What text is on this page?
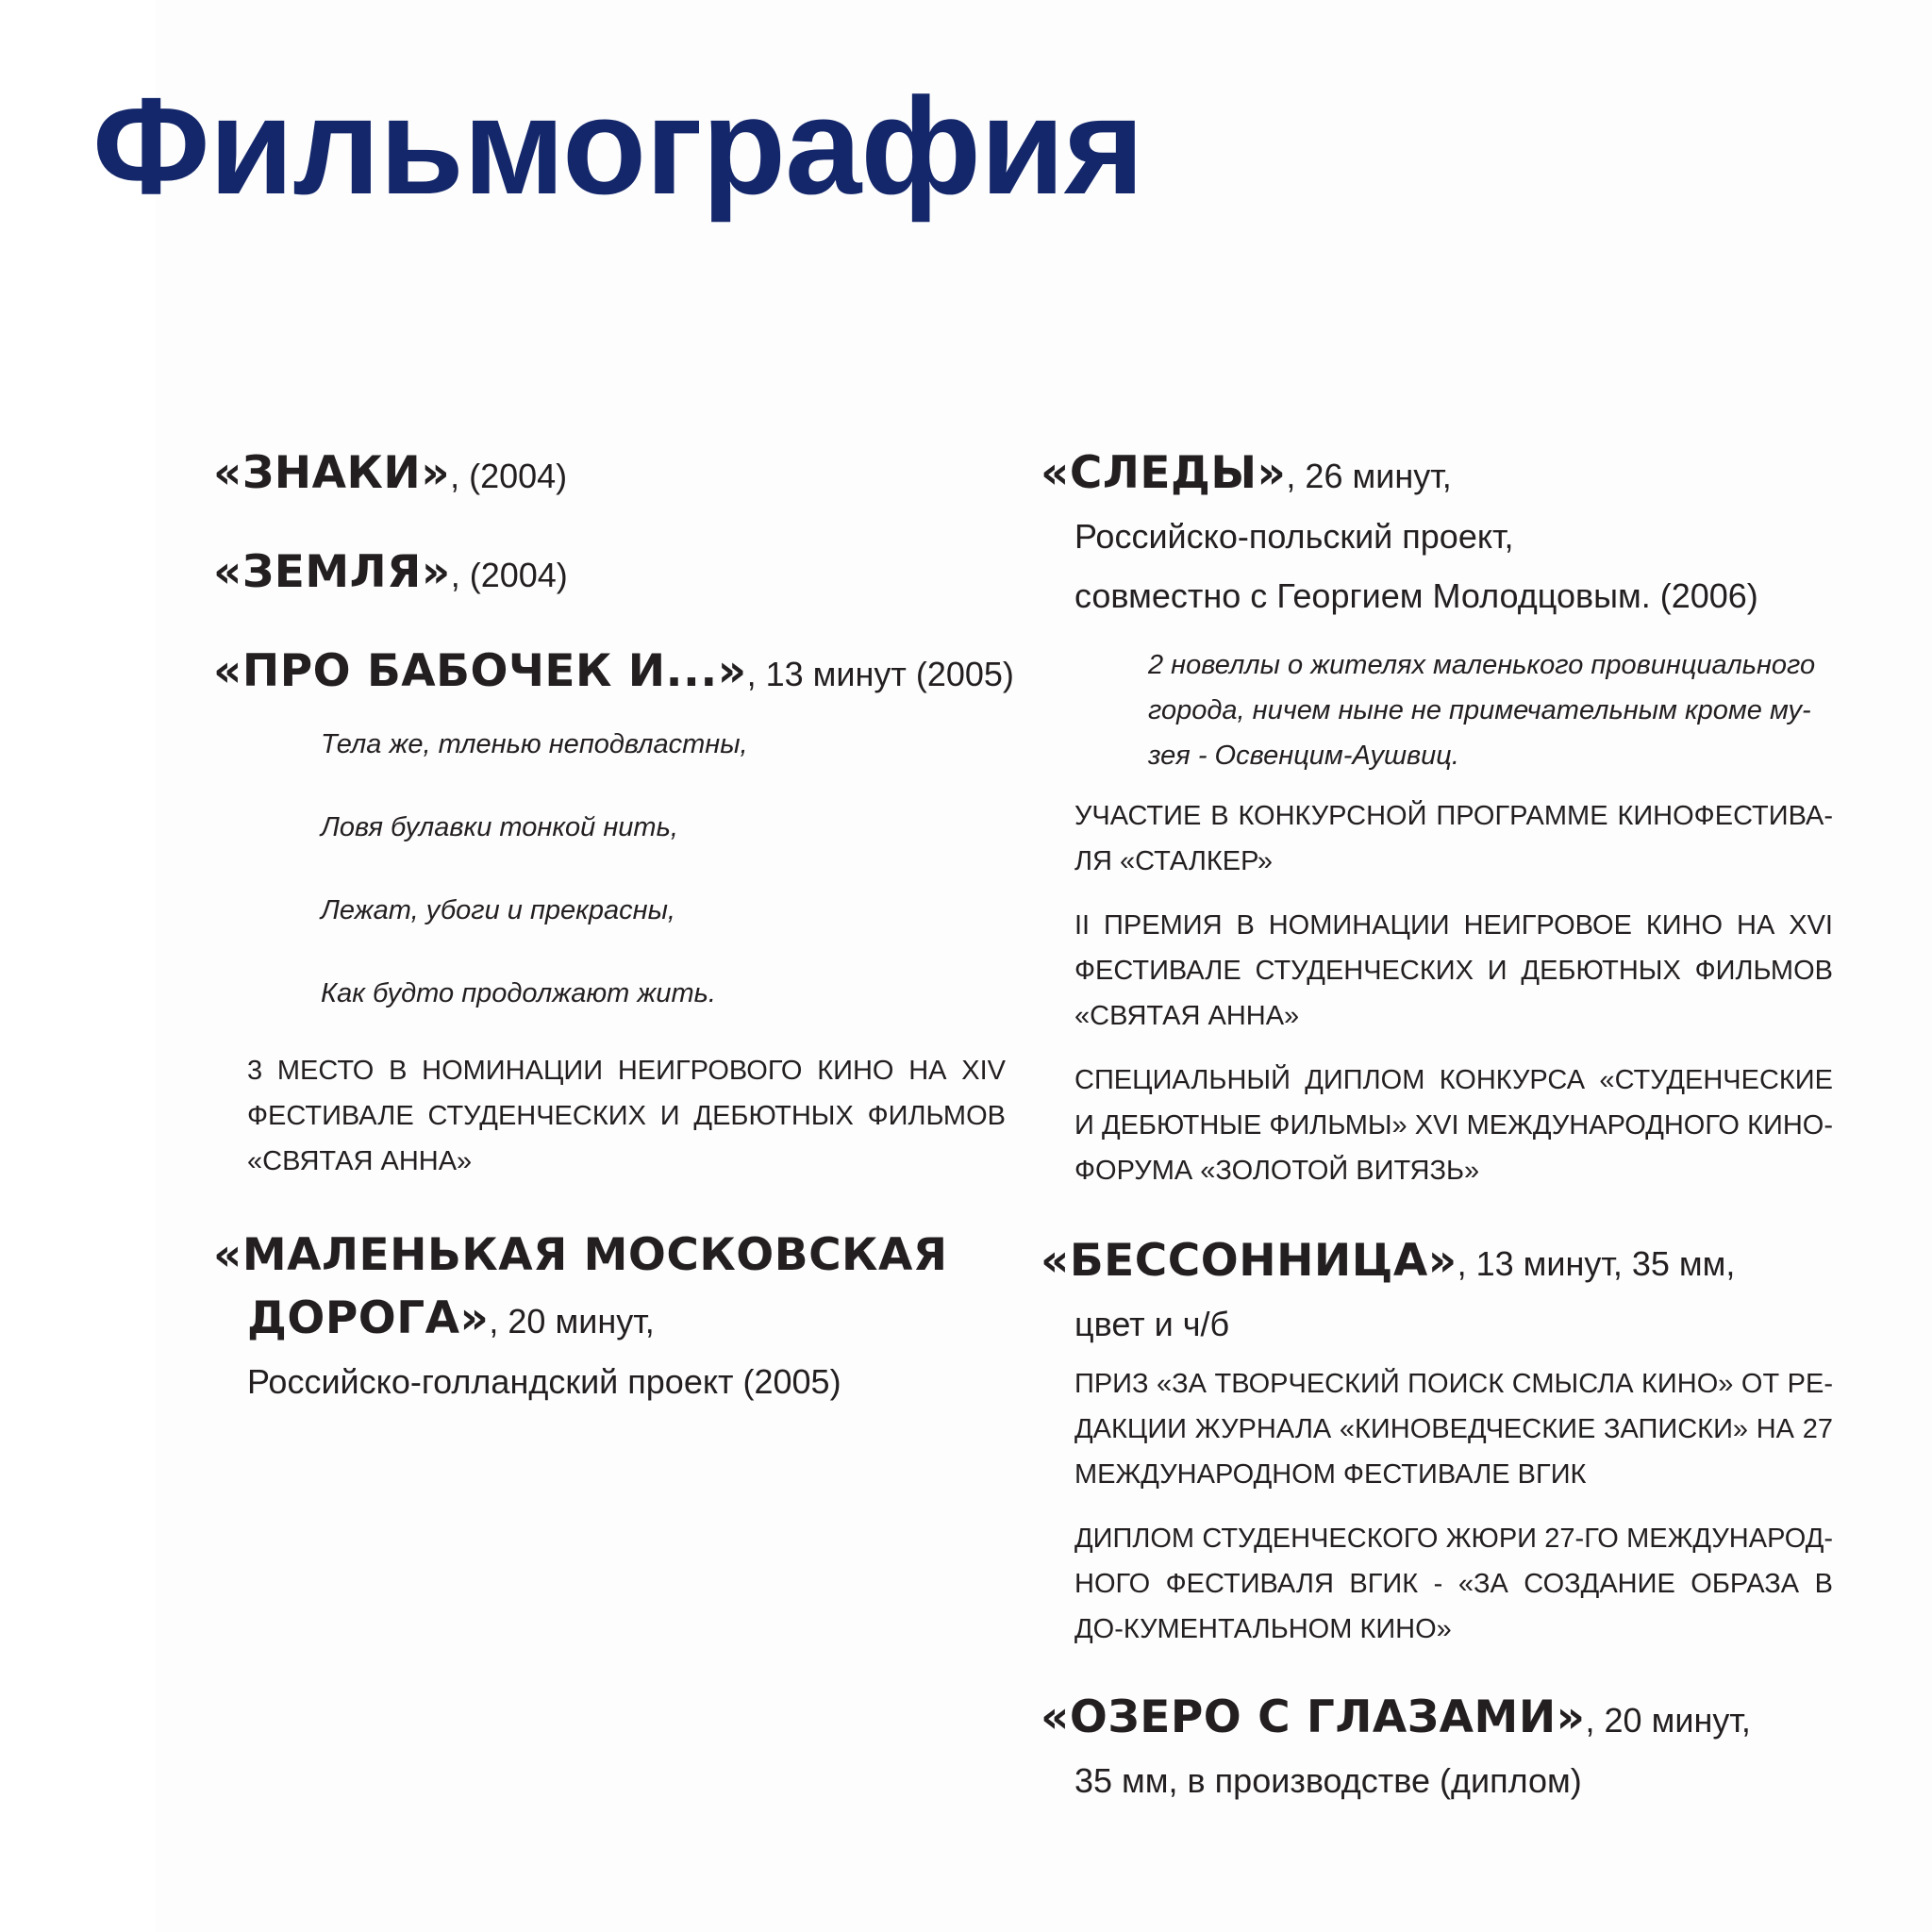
Фильмография
«ЗНАКИ», (2004)
«ЗЕМЛЯ», (2004)
«ПРО БАБОЧЕК И...», 13 минут (2005)

Тела же, тленью неподвластны,

Ловя булавки тонкой нить,

Лежат, убоги и прекрасны,

Как будто продолжают жить.

3 МЕСТО В НОМИНАЦИИ НЕИГРОВОГО КИНО НА XIV ФЕСТИВАЛЕ СТУДЕНЧЕСКИХ И ДЕБЮТНЫХ ФИЛЬМОВ «СВЯТАЯ АННА»

«МАЛЕНЬКАЯ МОСКОВСКАЯ ДОРОГА», 20 минут,

Российско-голландский проект (2005)

«СЛЕДЫ», 26 минут,

Российско-польский проект,

совместно с Георгием Молодцовым. (2006)

2 новеллы о жителях маленького провинциального города, ничем ныне не примечательным кроме му-зея - Освенцим-Аушвиц.

УЧАСТИЕ В КОНКУРСНОЙ ПРОГРАММЕ КИНОФЕСТИВА-ЛЯ «СТАЛКЕР»

II ПРЕМИЯ В НОМИНАЦИИ НЕИГРОВОЕ КИНО НА XVI ФЕСТИВАЛЕ СТУДЕНЧЕСКИХ И ДЕБЮТНЫХ ФИЛЬМОВ «СВЯТАЯ АННА»

СПЕЦИАЛЬНЫЙ ДИПЛОМ КОНКУРСА «СТУДЕНЧЕСКИЕ И ДЕБЮТНЫЕ ФИЛЬМЫ» XVI МЕЖДУНАРОДНОГО КИНО-ФОРУМА «ЗОЛОТОЙ ВИТЯЗЬ»

«БЕССОННИЦА», 13 минут, 35 мм,

цвет и ч/б

ПРИЗ «ЗА ТВОРЧЕСКИЙ ПОИСК СМЫСЛА КИНО» ОТ РЕ-ДАКЦИИ ЖУРНАЛА «КИНОВЕДЧЕСКИЕ ЗАПИСКИ» НА 27 МЕЖДУНАРОДНОМ ФЕСТИВАЛЕ ВГИК

ДИПЛОМ СТУДЕНЧЕСКОГО ЖЮРИ 27-ГО МЕЖДУНАРОД-НОГО ФЕСТИВАЛЯ ВГИК - «ЗА СОЗДАНИЕ ОБРАЗА В ДО-КУМЕНТАЛЬНОМ КИНО»

«ОЗЕРО С ГЛАЗАМИ», 20 минут,

35 мм, в производстве (диплом)
